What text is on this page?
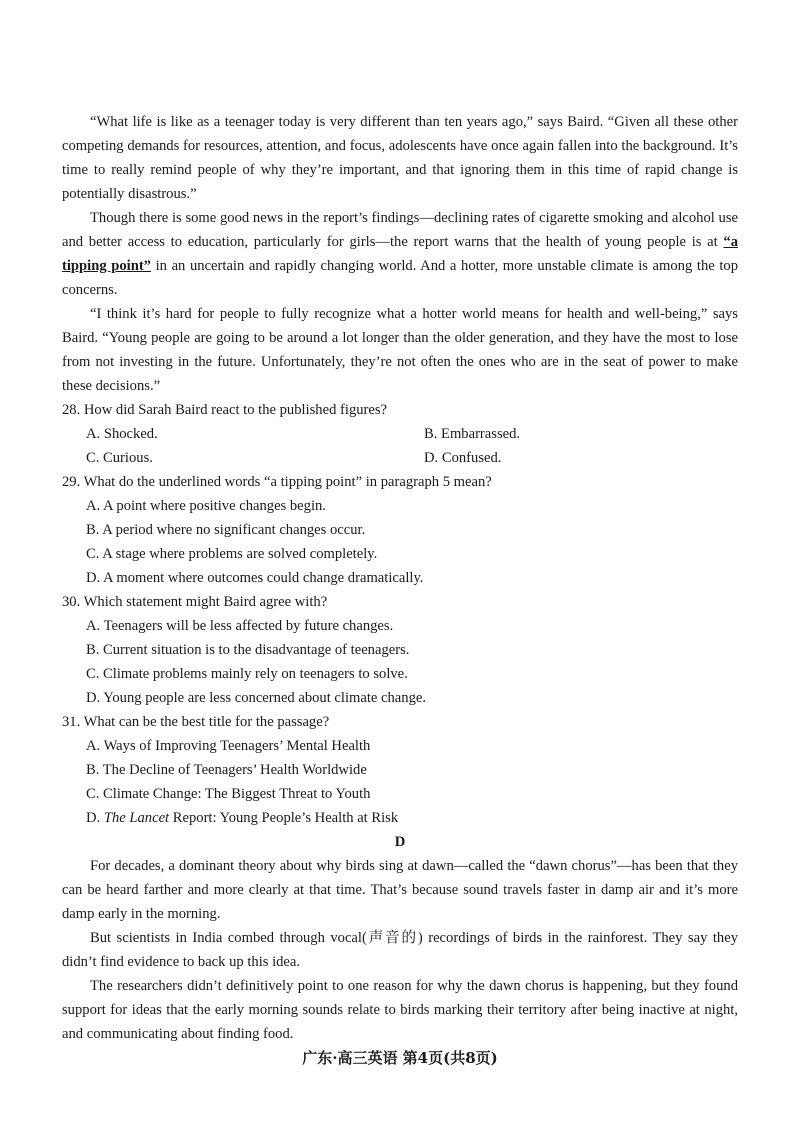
“What life is like as a teenager today is very different than ten years ago,” says Baird. “Given all these other competing demands for resources, attention, and focus, adolescents have once again fallen into the background. It’s time to really remind people of why they’re important, and that ignoring them in this time of rapid change is potentially disastrous.”

Though there is some good news in the report’s findings—declining rates of cigarette smoking and alcohol use and better access to education, particularly for girls—the report warns that the health of young people is at “a tipping point” in an uncertain and rapidly changing world. And a hotter, more unstable climate is among the top concerns.

“I think it’s hard for people to fully recognize what a hotter world means for health and well-being,” says Baird. “Young people are going to be around a lot longer than the older generation, and they have the most to lose from not investing in the future. Unfortunately, they’re not often the ones who are in the seat of power to make these decisions.”

28. How did Sarah Baird react to the published figures?

A. Shocked.	B. Embarrassed.
C. Curious.	D. Confused.

29. What do the underlined words “a tipping point” in paragraph 5 mean?

A. A point where positive changes begin.

B. A period where no significant changes occur.

C. A stage where problems are solved completely.

D. A moment where outcomes could change dramatically.

30. Which statement might Baird agree with?

A. Teenagers will be less affected by future changes.

B. Current situation is to the disadvantage of teenagers.

C. Climate problems mainly rely on teenagers to solve.

D. Young people are less concerned about climate change.

31. What can be the best title for the passage?

A. Ways of Improving Teenagers’ Mental Health

B. The Decline of Teenagers’ Health Worldwide

C. Climate Change: The Biggest Threat to Youth

D. The Lancet Report: Young People’s Health at Risk

D

For decades, a dominant theory about why birds sing at dawn—called the “dawn chorus”—has been that they can be heard farther and more clearly at that time. That’s because sound travels faster in damp air and it’s more damp early in the morning.

But scientists in India combed through vocal(声音的) recordings of birds in the rainforest. They say they didn’t find evidence to back up this idea.

The researchers didn’t definitively point to one reason for why the dawn chorus is happening, but they found support for ideas that the early morning sounds relate to birds marking their territory after being inactive at night, and communicating about finding food.

广东·高三英语 第4页(共8页)
